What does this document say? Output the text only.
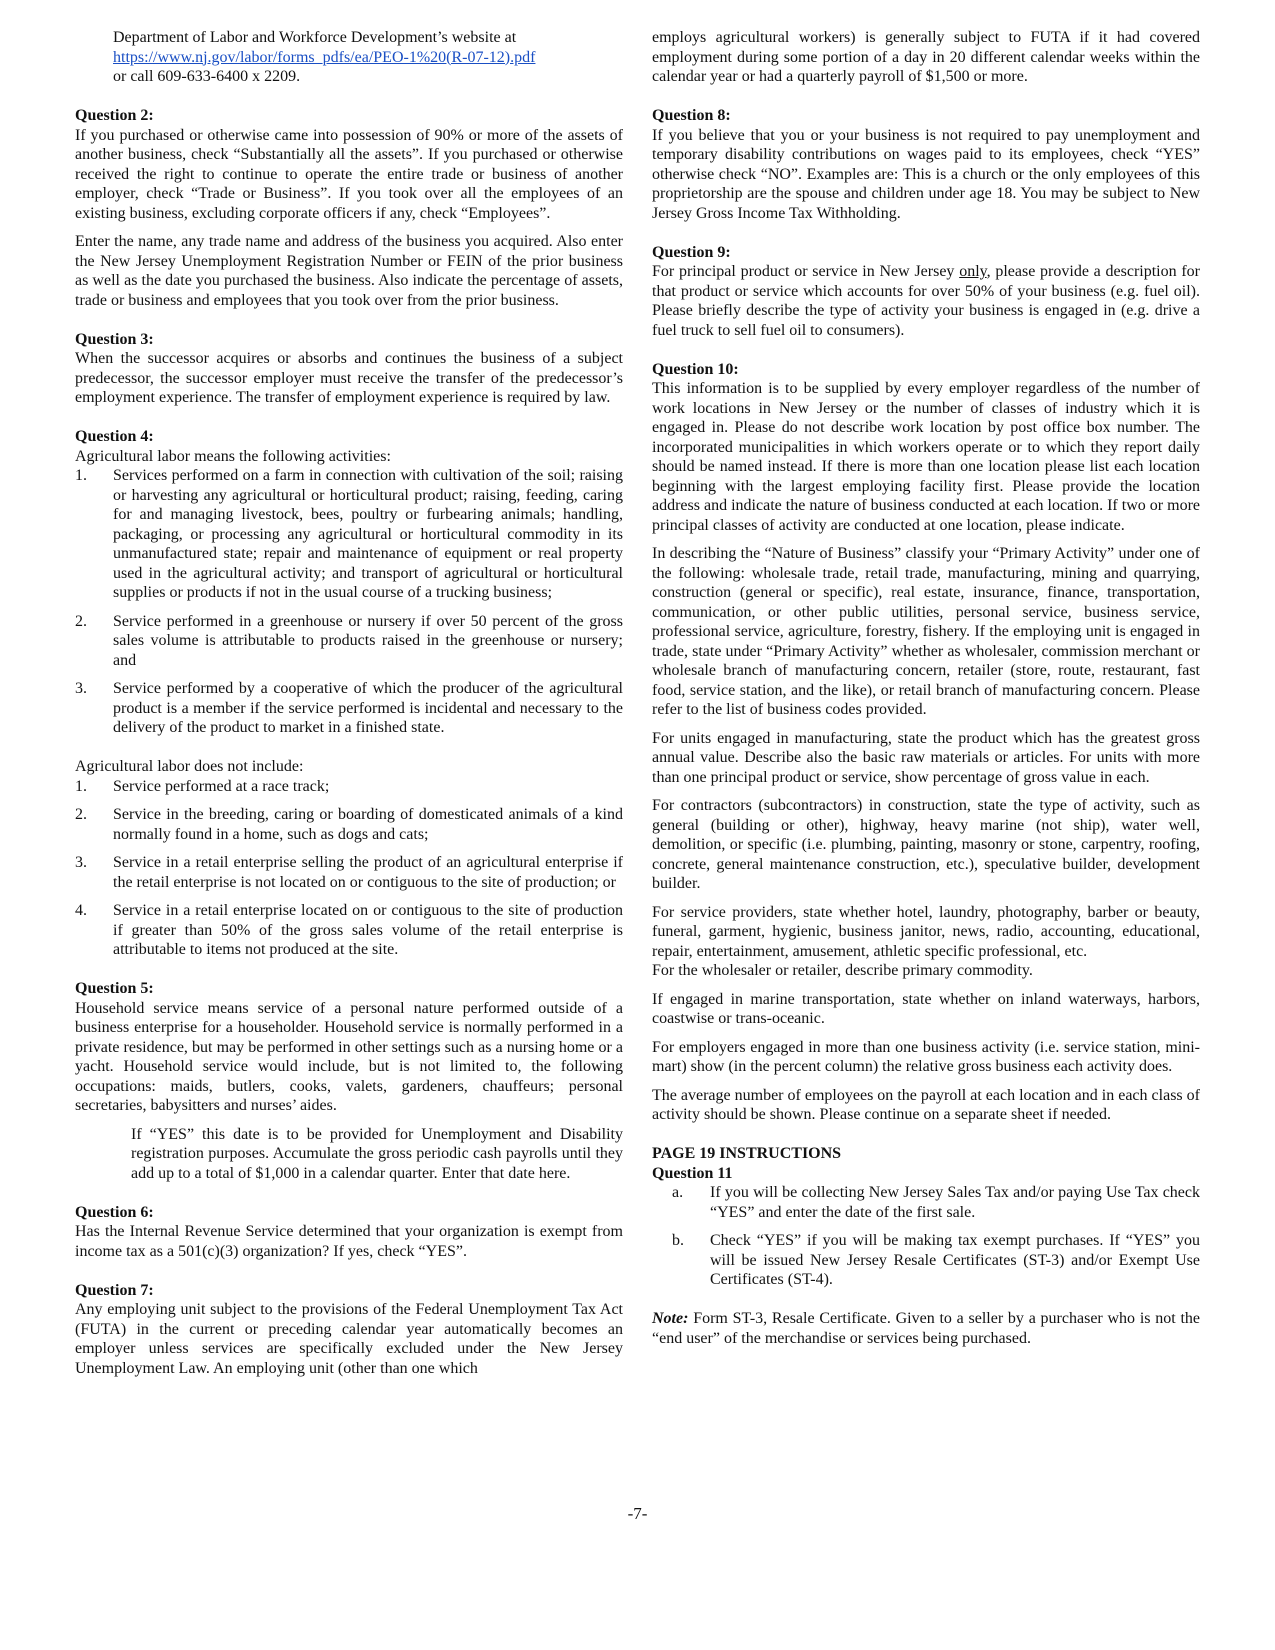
Department of Labor and Workforce Development’s website at
https://www.nj.gov/labor/forms_pdfs/ea/PEO-1%20(R-07-12).pdf
or call 609-633-6400 x 2209.
Question 2:
If you purchased or otherwise came into possession of 90% or more of the assets of another business, check “Substantially all the assets”. If you purchased or otherwise received the right to continue to operate the entire trade or business of another employer, check “Trade or Business”. If you took over all the employees of an existing business, excluding corporate officers if any, check “Employees”.
Enter the name, any trade name and address of the business you acquired. Also enter the New Jersey Unemployment Registration Number or FEIN of the prior business as well as the date you purchased the business. Also indicate the percentage of assets, trade or business and employees that you took over from the prior business.
Question 3:
When the successor acquires or absorbs and continues the business of a subject predecessor, the successor employer must receive the transfer of the predecessor’s employment experience. The transfer of employment experience is required by law.
Question 4:
Agricultural labor means the following activities:
1.	Services performed on a farm in connection with cultivation of the soil; raising or harvesting any agricultural or horticultural product; raising, feeding, caring for and managing livestock, bees, poultry or furbearing animals; handling, packaging, or processing any agricultural or horticultural commodity in its unmanufactured state; repair and maintenance of equipment or real property used in the agricultural activity; and transport of agricultural or horticultural supplies or products if not in the usual course of a trucking business;
2.	Service performed in a greenhouse or nursery if over 50 percent of the gross sales volume is attributable to products raised in the greenhouse or nursery; and
3.	Service performed by a cooperative of which the producer of the agricultural product is a member if the service performed is incidental and necessary to the delivery of the product to market in a finished state.
Agricultural labor does not include:
1.	Service performed at a race track;
2.	Service in the breeding, caring or boarding of domesticated animals of a kind normally found in a home, such as dogs and cats;
3.	Service in a retail enterprise selling the product of an agricultural enterprise if the retail enterprise is not located on or contiguous to the site of production; or
4.	Service in a retail enterprise located on or contiguous to the site of production if greater than 50% of the gross sales volume of the retail enterprise is attributable to items not produced at the site.
Question 5:
Household service means service of a personal nature performed outside of a business enterprise for a householder. Household service is normally performed in a private residence, but may be performed in other settings such as a nursing home or a yacht. Household service would include, but is not limited to, the following occupations: maids, butlers, cooks, valets, gardeners, chauffeurs; personal secretaries, babysitters and nurses’ aides.
If “YES” this date is to be provided for Unemployment and Disability registration purposes. Accumulate the gross periodic cash payrolls until they add up to a total of $1,000 in a calendar quarter. Enter that date here.
Question 6:
Has the Internal Revenue Service determined that your organization is exempt from income tax as a 501(c)(3) organization? If yes, check “YES”.
Question 7:
Any employing unit subject to the provisions of the Federal Unemployment Tax Act (FUTA) in the current or preceding calendar year automatically becomes an employer unless services are specifically excluded under the New Jersey Unemployment Law. An employing unit (other than one which
employs agricultural workers) is generally subject to FUTA if it had covered employment during some portion of a day in 20 different calendar weeks within the calendar year or had a quarterly payroll of $1,500 or more.
Question 8:
If you believe that you or your business is not required to pay unemployment and temporary disability contributions on wages paid to its employees, check “YES” otherwise check “NO”. Examples are: This is a church or the only employees of this proprietorship are the spouse and children under age 18. You may be subject to New Jersey Gross Income Tax Withholding.
Question 9:
For principal product or service in New Jersey only, please provide a description for that product or service which accounts for over 50% of your business (e.g. fuel oil). Please briefly describe the type of activity your business is engaged in (e.g. drive a fuel truck to sell fuel oil to consumers).
Question 10:
This information is to be supplied by every employer regardless of the number of work locations in New Jersey or the number of classes of industry which it is engaged in. Please do not describe work location by post office box number. The incorporated municipalities in which workers operate or to which they report daily should be named instead. If there is more than one location please list each location beginning with the largest employing facility first. Please provide the location address and indicate the nature of business conducted at each location. If two or more principal classes of activity are conducted at one location, please indicate.
In describing the “Nature of Business” classify your “Primary Activity” under one of the following: wholesale trade, retail trade, manufacturing, mining and quarrying, construction (general or specific), real estate, insurance, finance, transportation, communication, or other public utilities, personal service, business service, professional service, agriculture, forestry, fishery. If the employing unit is engaged in trade, state under “Primary Activity” whether as wholesaler, commission merchant or wholesale branch of manufacturing concern, retailer (store, route, restaurant, fast food, service station, and the like), or retail branch of manufacturing concern. Please refer to the list of business codes provided.
For units engaged in manufacturing, state the product which has the greatest gross annual value. Describe also the basic raw materials or articles. For units with more than one principal product or service, show percentage of gross value in each.
For contractors (subcontractors) in construction, state the type of activity, such as general (building or other), highway, heavy marine (not ship), water well, demolition, or specific (i.e. plumbing, painting, masonry or stone, carpentry, roofing, concrete, general maintenance construction, etc.), speculative builder, development builder.
For service providers, state whether hotel, laundry, photography, barber or beauty, funeral, garment, hygienic, business janitor, news, radio, accounting, educational, repair, entertainment, amusement, athletic specific professional, etc.
For the wholesaler or retailer, describe primary commodity.
If engaged in marine transportation, state whether on inland waterways, harbors, coastwise or trans-oceanic.
For employers engaged in more than one business activity (i.e. service station, mini-mart) show (in the percent column) the relative gross business each activity does.
The average number of employees on the payroll at each location and in each class of activity should be shown. Please continue on a separate sheet if needed.
PAGE 19 INSTRUCTIONS
Question 11
a.	If you will be collecting New Jersey Sales Tax and/or paying Use Tax check “YES” and enter the date of the first sale.
b.	Check “YES” if you will be making tax exempt purchases. If “YES” you will be issued New Jersey Resale Certificates (ST-3) and/or Exempt Use Certificates (ST-4).
Note: Form ST-3, Resale Certificate. Given to a seller by a purchaser who is not the “end user” of the merchandise or services being purchased.
-7-
